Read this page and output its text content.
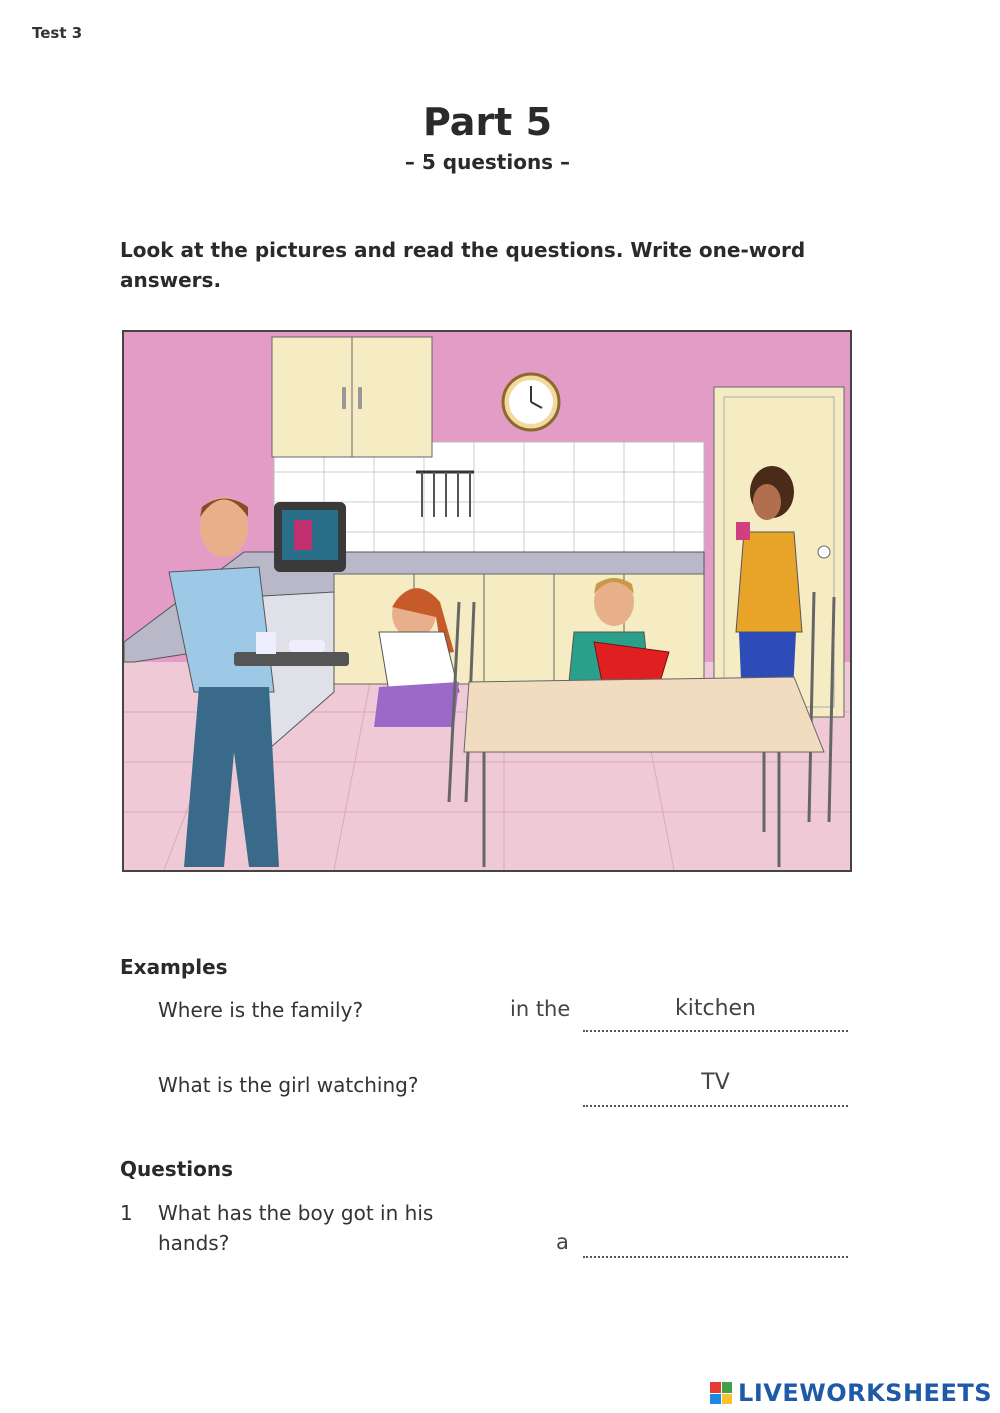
Test 3
Part 5
– 5 questions –
Look at the pictures and read the questions. Write one-word answers.
Examples
Where is the family?	in the	kitchen
What is the girl watching?	TV
Questions
1 What has the boy got in his
hands?	a
LIVEWORKSHEETS
